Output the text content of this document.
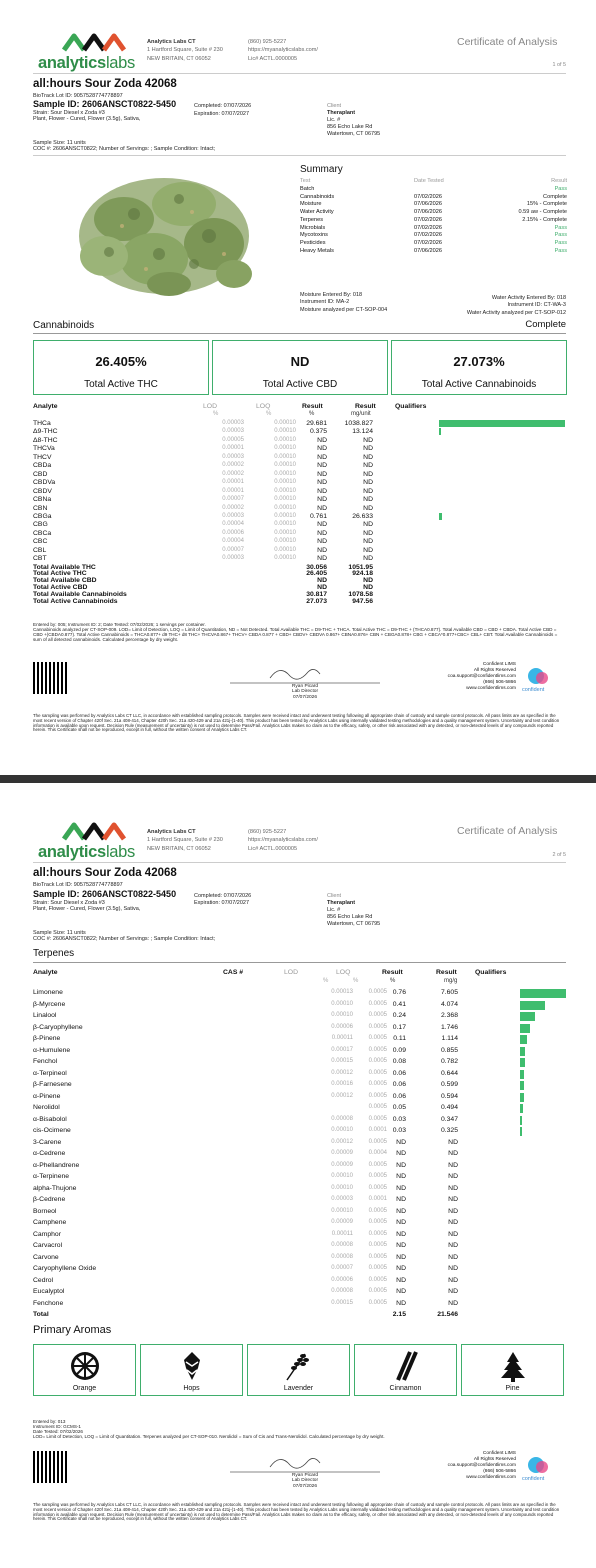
analyticslabs
Analytics Labs CT
1 Hartford Square, Suite # 230
NEW BRITAIN, CT 06052
(860) 925-5227
https://myanalyticslabs.com/
Lic# ACTL.0000005
Certificate of Analysis
1 of 5
all:hours Sour Zoda 42068
BioTrack Lot ID: 9057528774778897
Sample ID: 2606ANSCT0822-5450
Strain: Sour Diesel x Zoda #3
Plant, Flower - Cured, Flower (3.5g), Sativa,
Completed: 07/07/2026
Expiration: 07/07/2027
Client
Theraplant
Lic. #
856 Echo Lake Rd
Watertown, CT 06795
Sample Size: 11 units
COC #: 2606ANSCT0822; Number of Servings: ; Sample Condition: Intact;
Summary
Test	Date Tested	Result
Batch	Pass
Cannabinoids	07/02/2026	Complete
Moisture	07/06/2026	15% - Complete
Water Activity	07/06/2026	0.59 aw - Complete
Terpenes	07/02/2026	2.15% - Complete
Microbials	07/02/2026	Pass
Mycotoxins	07/02/2026	Pass
Pesticides	07/02/2026	Pass
Heavy Metals	07/06/2026	Pass
Moisture Entered By: 018
Instrument ID: MA-2
Moisture analyzed per CT-SOP-004
Water Activity Entered By: 018
Instrument ID: CT-WA-3
Water Activity analyzed per CT-SOP-012
Cannabinoids	Complete
26.405%
Total Active THC
ND
Total Active CBD
27.073%
Total Active Cannabinoids
Analyte	LOD	LOQ	Result	Result	Qualifiers
%	%	%	mg/unit
THCa	0.00003	0.00010 29.681	1038.827
Δ9-THC	0.00003	0.00010 0.375	13.124
Δ8-THC	0.00005	0.00010	ND	ND
THCVa	0.00001	0.00010	ND	ND
THCV	0.00003	0.00010	ND	ND
CBDa	0.00002	0.00010	ND	ND
CBD	0.00002	0.00010	ND	ND
CBDVa	0.00001	0.00010	ND	ND
CBDV	0.00001	0.00010	ND	ND
CBNa	0.00007	0.00010	ND	ND
CBN	0.00002	0.00010	ND	ND
CBGa	0.00003	0.00010 0.761	26.633
CBG	0.00004	0.00010	ND	ND
CBCa	0.00006	0.00010	ND	ND
CBC	0.00004	0.00010	ND	ND
CBL	0.00007	0.00010	ND	ND
CBT	0.00003	0.00010	ND	ND
Total Available THC	30.056	1051.95
Total Active THC	26.405	924.18
Total Available CBD	ND	ND
Total Active CBD	ND	ND
Total Available Cannabinoids	30.817	1078.58
Total Active Cannabinoids	27.073	947.56
Entered by: 005; Instrument ID: 2; Date Tested: 07/02/2026; 1 servings per container.
Cannabinoids analyzed per CT-SOP-009. LOD= Limit of Detection, LOQ = Limit of Quantitation, ND = Not Detected. Total Available THC = D9-THC + THCA. Total Active THC = D9-THC + (THCA0.877). Total Available CBD = CBD + CBDA. Total Active CBD = CBD +(CBDA0.877). Total Active Cannabinoids = THCA0.877+ d9 THC+ d8 THC+ THCVA0.867+ THCV+ CBDA 0.877 + CBD+ CBDV+ CBDVA 0.867+ CBNA0.876+ CBN + CBGA0.878+ CBG + CBCA*0.877+CBC+ CBL+ CBT. Total Available Cannabinoids = sum of all detected cannabinoids. Calculated percentage by dry weight.
Ryan Picard
Lab Director
07/07/2026
Confident LIMS
All Rights Reserved
coa.support@confidentlims.com
(866) 506-5866
www.confidentlims.com confident
The sampling was performed by Analytics Labs CT LLC, in accordance with established sampling protocols. Samples were received intact and underwent testing following all appropriate chain of custody and sample control protocols. All pass limits are as specified in the most recent version of Chapter 420f Sec. 21a 408-414, Chapter 420h Sec. 21a 420-429 and 21a 421j-(1-40). This product has been tested by Analytics Labs using internally validated testing methodologies and a quality management system. Uncertainty and test condition information is available upon request. Decision Rule (measurement of uncertainty) is not used to determine Pass/Fail. Analytics Labs makes no claim as to the efficacy, safety, or other risk associated with any detected, or non-detected levels of any compounds reported herein. This Certificate shall not be reproduced, except in full, without the written consent of Analytics Labs CT.
analyticslabs
Analytics Labs CT
1 Hartford Square, Suite # 230
NEW BRITAIN, CT 06052
(860) 925-5227
https://myanalyticslabs.com/
Lic# ACTL.0000005
Certificate of Analysis
2 of 5
all:hours Sour Zoda 42068
BioTrack Lot ID: 9057528774778897
Sample ID: 2606ANSCT0822-5450
Strain: Sour Diesel x Zoda #3
Plant, Flower - Cured, Flower (3.5g), Sativa,
Completed: 07/07/2026
Expiration: 07/07/2027
Client
Theraplant
Lic. #
856 Echo Lake Rd
Watertown, CT 06795
Sample Size: 11 units
COC #: 2606ANSCT0822; Number of Servings: ; Sample Condition: Intact;
Terpenes
Analyte	CAS #	LOD	LOQ	Result	Result	Qualifiers
%	%	%	mg/g
Limonene	0.00013	0.0005 0.76	7.605
β-Myrcene	0.00010	0.0005 0.41	4.074
Linalool	0.00010	0.0005 0.24	2.368
β-Caryophyllene	0.00006	0.0005 0.17	1.746
β-Pinene	0.00011	0.0005 0.11	1.114
α-Humulene	0.00017	0.0005 0.09	0.855
Fenchol	0.00015	0.0005 0.08	0.782
α-Terpineol	0.00012	0.0005 0.06	0.644
β-Farnesene	0.00016	0.0005 0.06	0.599
α-Pinene	0.00012	0.0005 0.06	0.594
Nerolidol	0.0005 0.05	0.494
α-Bisabolol	0.00008	0.0005 0.03	0.347
cis-Ocimene	0.00010	0.0001 0.03	0.325
3-Carene	0.00012	0.0005 ND	ND
α-Cedrene	0.00009	0.0004 ND	ND
α-Phellandrene	0.00009	0.0005 ND	ND
α-Terpinene	0.00010	0.0005 ND	ND
alpha-Thujone	0.00010	0.0005 ND	ND
β-Cedrene	0.00003	0.0001 ND	ND
Borneol	0.00010	0.0005 ND	ND
Camphene	0.00009	0.0005 ND	ND
Camphor	0.00011	0.0005 ND	ND
Carvacrol	0.00008	0.0005 ND	ND
Carvone	0.00008	0.0005 ND	ND
Caryophyllene Oxide	0.00007	0.0005 ND	ND
Cedrol	0.00006	0.0005 ND	ND
Eucalyptol	0.00008	0.0005 ND	ND
Fenchone	0.00015	0.0005 ND	ND
Total	2.15	21.546
Primary Aromas
Orange	Hops	Lavender	Cinnamon	Pine
Entered by: 013
Instrument ID: GCMS-1
Date Tested: 07/02/2026
LOD= Limit of Detection, LOQ = Limit of Quantitation. Terpenes analyzed per CT-SOP-010. Nerolidol = Sum of Cis and Trans-Nerolidol. Calculated percentage by dry weight.
Ryan Picard
Lab Director
07/07/2026
Confident LIMS
All Rights Reserved
coa.support@confidentlims.com
(866) 506-5866
www.confidentlims.com confident
The sampling was performed by Analytics Labs CT LLC, in accordance with established sampling protocols. Samples were received intact and underwent testing following all appropriate chain of custody and sample control protocols. All pass limits are as specified in the most recent version of Chapter 420f Sec. 21a 408-414, Chapter 420h Sec. 21a 420-429 and 21a 421j-(1-40). This product has been tested by Analytics Labs using internally validated testing methodologies and a quality management system. Uncertainty and test condition information is available upon request. Decision Rule (measurement of uncertainty) is not used to determine Pass/Fail. Analytics Labs makes no claim as to the efficacy, safety, or other risk associated with any detected, or non-detected levels of any compounds reported herein. This Certificate shall not be reproduced, except in full, without the written consent of Analytics Labs CT.
